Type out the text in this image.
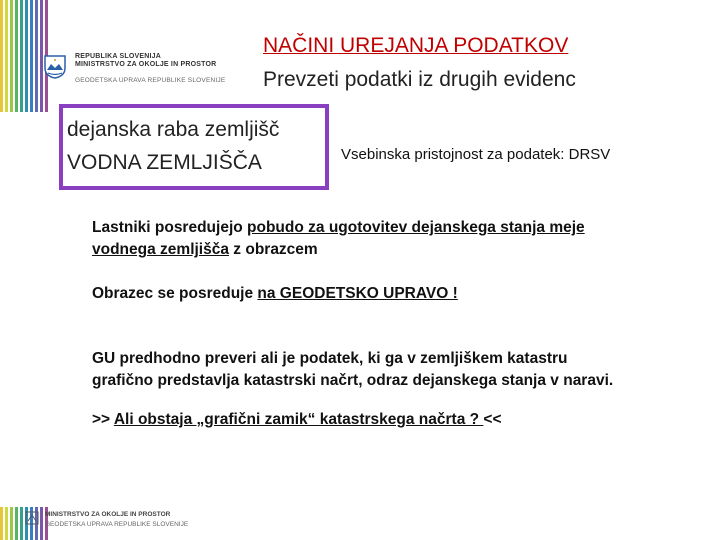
REPUBLIKA SLOVENIJA
MINISTRSTVO ZA OKOLJE IN PROSTOR
GEODETSKA UPRAVA REPUBLIKE SLOVENIJE
NAČINI UREJANJA PODATKOV
Prevzeti podatki iz drugih evidenc
dejanska raba zemljišč
VODNA ZEMLJIŠČA	Vsebinska pristojnost za podatek: DRSV
Lastniki posredujejo pobudo za ugotovitev dejanskega stanja meje
vodnega zemljišča z obrazcem
Obrazec se posreduje na GEODETSKO UPRAVO !
GU predhodno preveri ali je podatek, ki ga v zemljiškem katastru
grafično predstavlja katastrski načrt, odraz dejanskega stanja v naravi.
>> Ali obstaja „grafični zamik“ katastrskega načrta ? <<
MINISTRSTVO ZA OKOLJE IN PROSTOR
GEODETSKA UPRAVA REPUBLIKE SLOVENIJE
